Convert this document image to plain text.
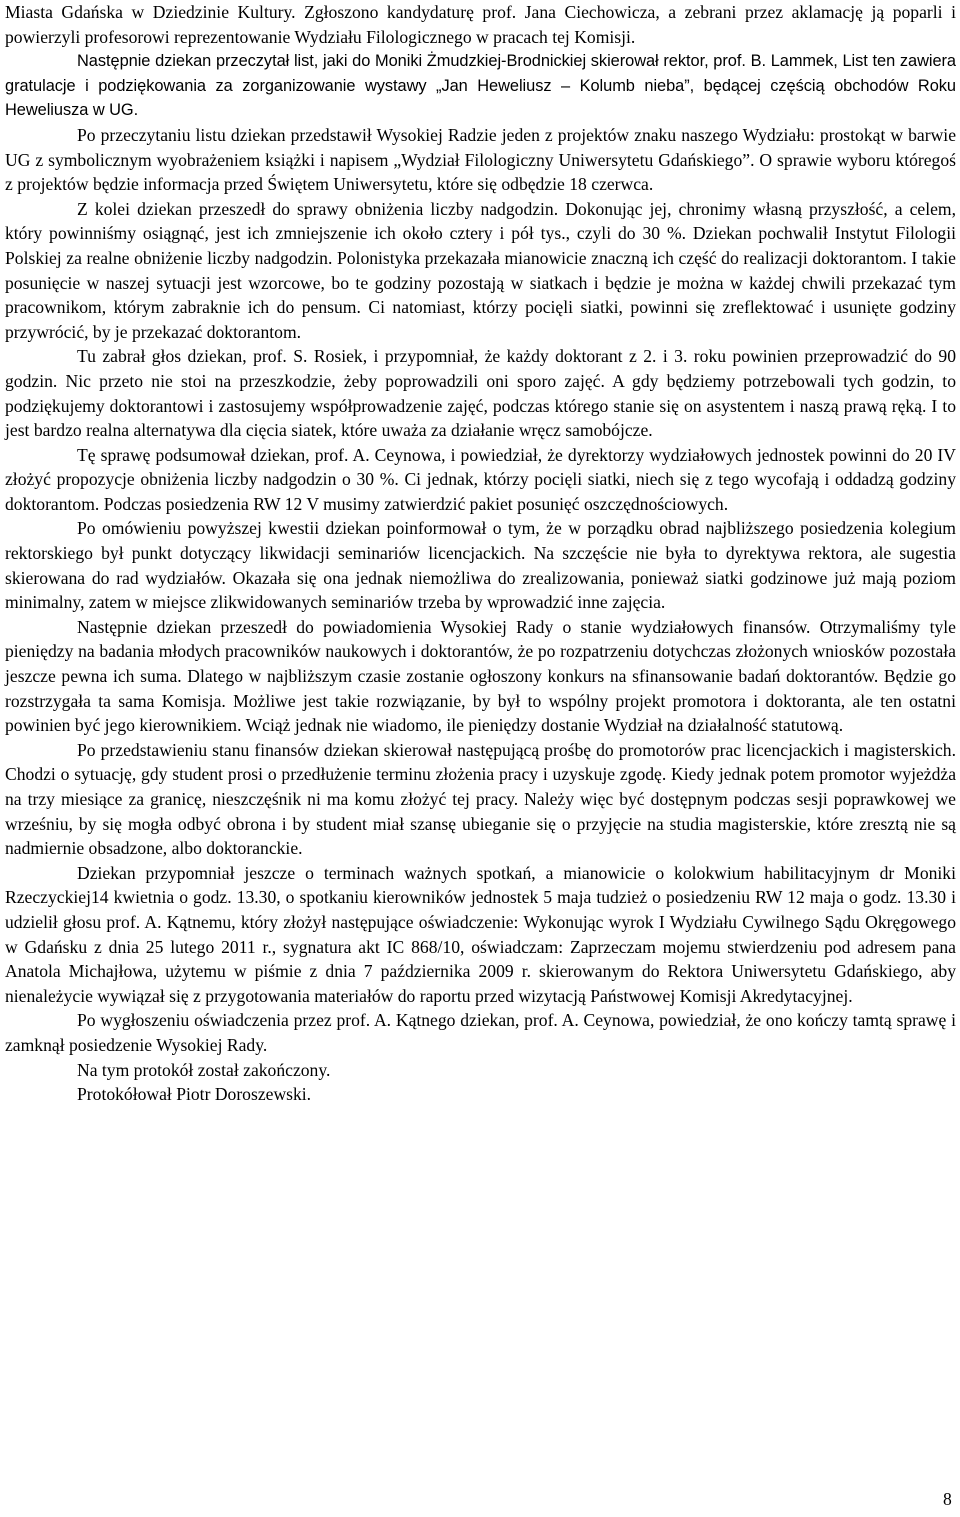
Miasta Gdańska w Dziedzinie Kultury. Zgłoszono kandydaturę prof. Jana Ciechowicza, a zebrani przez aklamację ją poparli i powierzyli profesorowi reprezentowanie Wydziału Filologicznego w pracach tej Komisji.

Następnie dziekan przeczytał list, jaki do Moniki Żmudzkiej-Brodnickiej skierował rektor, prof. B. Lammek, List ten zawiera gratulacje i podziękowania za zorganizowanie wystawy „Jan Heweliusz – Kolumb nieba”, będącej częścią obchodów Roku Heweliusza w UG.

Po przeczytaniu listu dziekan przedstawił Wysokiej Radzie jeden z projektów znaku naszego Wydziału: prostokąt w barwie UG z symbolicznym wyobrażeniem książki i napisem „Wydział Filologiczny Uniwersytetu Gdańskiego”. O sprawie wyboru któregoś z projektów będzie informacja przed Świętem Uniwersytetu, które się odbędzie 18 czerwca.

Z kolei dziekan przeszedł do sprawy obniżenia liczby nadgodzin. Dokonując jej, chronimy własną przyszłość, a celem, który powinniśmy osiągnąć, jest ich zmniejszenie ich około cztery i pół tys., czyli do 30 %. Dziekan pochwalił Instytut Filologii Polskiej za realne obniżenie liczby nadgodzin. Polonistyka przekazała mianowicie znaczną ich część do realizacji doktorantom. I takie posunięcie w naszej sytuacji jest wzorcowe, bo te godziny pozostają w siatkach i będzie je można w każdej chwili przekazać tym pracownikom, którym zabraknie ich do pensum. Ci natomiast, którzy pocięli siatki, powinni się zreflektować i usunięte godziny przywrócić, by je przekazać doktorantom.

Tu zabrał głos dziekan, prof. S. Rosiek, i przypomniał, że każdy doktorant z 2. i 3. roku powinien przeprowadzić do 90 godzin. Nic przeto nie stoi na przeszkodzie, żeby poprowadzili oni sporo zajęć. A gdy będziemy potrzebowali tych godzin, to podziękujemy doktorantowi i zastosujemy współprowadzenie zajęć, podczas którego stanie się on asystentem i naszą prawą ręką. I to jest bardzo realna alternatywa dla cięcia siatek, które uważa za działanie wręcz samobójcze.

Tę sprawę podsumował dziekan, prof. A. Ceynowa, i powiedział, że dyrektorzy wydziałowych jednostek powinni do 20 IV złożyć propozycje obniżenia liczby nadgodzin o 30 %. Ci jednak, którzy pocięli siatki, niech się z tego wycofają i oddadzą godziny doktorantom. Podczas posiedzenia RW 12 V musimy zatwierdzić pakiet posunięć oszczędnościowych.

Po omówieniu powyższej kwestii dziekan poinformował o tym, że w porządku obrad najbliższego posiedzenia kolegium rektorskiego był punkt dotyczący likwidacji seminariów licencjackich. Na szczęście nie była to dyrektywa rektora, ale sugestia skierowana do rad wydziałów. Okazała się ona jednak niemożliwa do zrealizowania, ponieważ siatki godzinowe już mają poziom minimalny, zatem w miejsce zlikwidowanych seminariów trzeba by wprowadzić inne zajęcia.

Następnie dziekan przeszedł do powiadomienia Wysokiej Rady o stanie wydziałowych finansów. Otrzymaliśmy tyle pieniędzy na badania młodych pracowników naukowych i doktorantów, że po rozpatrzeniu dotychczas złożonych wniosków pozostała jeszcze pewna ich suma. Dlatego w najbliższym czasie zostanie ogłoszony konkurs na sfinansowanie badań doktorantów. Będzie go rozstrzygała ta sama Komisja. Możliwe jest takie rozwiązanie, by był to wspólny projekt promotora i doktoranta, ale ten ostatni powinien być jego kierownikiem. Wciąż jednak nie wiadomo, ile pieniędzy dostanie Wydział na działalność statutową.

Po przedstawieniu stanu finansów dziekan skierował następującą prośbę do promotorów prac licencjackich i magisterskich. Chodzi o sytuację, gdy student prosi o przedłużenie terminu złożenia pracy i uzyskuje zgodę. Kiedy jednak potem promotor wyjeżdża na trzy miesiące za granicę, nieszczęśnik ni ma komu złożyć tej pracy. Należy więc być dostępnym podczas sesji poprawkowej we wrześniu, by się mogła odbyć obrona i by student miał szansę ubieganie się o przyjęcie na studia magisterskie, które zresztą nie są nadmiernie obsadzone, albo doktoranckie.

Dziekan przypomniał jeszcze o terminach ważnych spotkań, a mianowicie o kolokwium habilitacyjnym dr Moniki Rzeczyckiej14 kwietnia o godz. 13.30, o spotkaniu kierowników jednostek 5 maja tudzież o posiedzeniu RW 12 maja o godz. 13.30 i udzielił głosu prof. A. Kątnemu, który złożył następujące oświadczenie: Wykonując wyrok I Wydziału Cywilnego Sądu Okręgowego w Gdańsku z dnia 25 lutego 2011 r., sygnatura akt IC 868/10, oświadczam: Zaprzeczam mojemu stwierdzeniu pod adresem pana Anatola Michajłowa, użytemu w piśmie z dnia 7 października 2009 r. skierowanym do Rektora Uniwersytetu Gdańskiego, aby nienależycie wywiązał się z przygotowania materiałów do raportu przed wizytacją Państwowej Komisji Akredytacyjnej.

Po wygłoszeniu oświadczenia przez prof. A. Kątnego dziekan, prof. A. Ceynowa, powiedział, że ono kończy tamtą sprawę i zamknął posiedzenie Wysokiej Rady.

Na tym protokół został zakończony.

Protokółował Piotr Doroszewski.

8
